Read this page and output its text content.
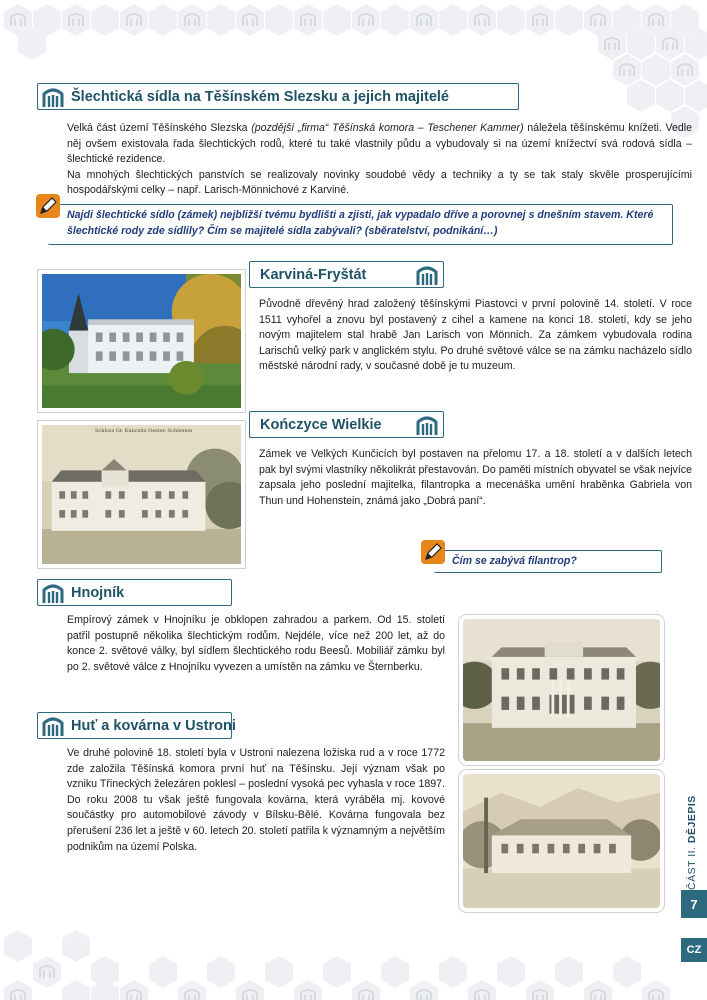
Šlechtická sídla na Těšínském Slezsku a jejich majitelé

Velká část území Těšínského Slezska (pozdější „firma“ Těšínská komora – Teschener Kammer) náležela těšínskému knížeti. Vedle něj ovšem existovala řada šlechtických rodů, které tu také vlastnily půdu a vybudovaly si na území knížectví svá rodová sídla – šlechtické rezidence.

Na mnohých šlechtických panstvích se realizovaly novinky soudobé vědy a techniky a ty se tak staly skvěle prosperujícími hospodářskými celky – např. Larisch-Mönnichové z Karviné.

Najdi šlechtické sídlo (zámek) nejbližší tvému bydlišti a zjisti, jak vypadalo dříve a porovnej s dnešním stavem. Které šlechtické rody zde sídlily? Čím se majitelé sídla zabývali? (sběratelství, podnikání…)
Karviná-Fryštát
Původně dřevěný hrad založený těšínskými Piastovci v první polovině 14. století. V roce 1511 vyhořel a znovu byl postavený z cihel a kamene na konci 18. století, kdy se jeho novým majitelem stal hrabě Jan Larisch von Mönnich. Za zámkem vybudovala rodina Larischů velký park v anglickém stylu. Po druhé světové válce se na zámku nacházelo sídlo městské národní rady, v současné době je tu muzeum.
Schloss Gr. Kunczitz Oester.-Schlesien	Kończyce Wielkie
Zámek ve Velkých Kunčicích byl postaven na přelomu 17. a 18. století a v dalších letech pak byl svými vlastníky několikrát přestavován. Do paměti místních obyvatel se však nejvíce zapsala jeho poslední majitelka, filantropka a mecenáška umění hraběnka Gabriela von Thun und Hohenstein, známá jako „Dobrá paní“.
Čím se zabývá filantrop?
Hnojník
Empírový zámek v Hnojníku je obklopen zahradou a parkem. Od 15. století patřil postupně několika šlechtickým rodům. Nejdéle, více než 200 let, až do konce 2. světové války, byl sídlem šlechtického rodu Beesů. Mobiliář zámku byl po 2. světové válce z Hnojníku vyvezen a umístěn na zámku ve Šternberku.
Huť a kovárna v Ustroni
Ve druhé polovině 18. století byla v Ustroni nalezena ložiska rud a v roce 1772 zde založila Těšínská komora první huť na Těšínsku. Její význam však po vzniku Třineckých železáren poklesl – poslední vysoká pec vyhasla v roce 1897. Do roku 2008 tu však ještě fungovala kovárna, která vyráběla mj. kovové součástky pro automobilové závody v Bílsku-Bělé. Kovárna fungovala bez přerušení 236 let a ještě v 60. letech 20. století patřila k významným a největším podnikům na území Polska.	ČÁST II. DĚJEPIS
7
CZ
